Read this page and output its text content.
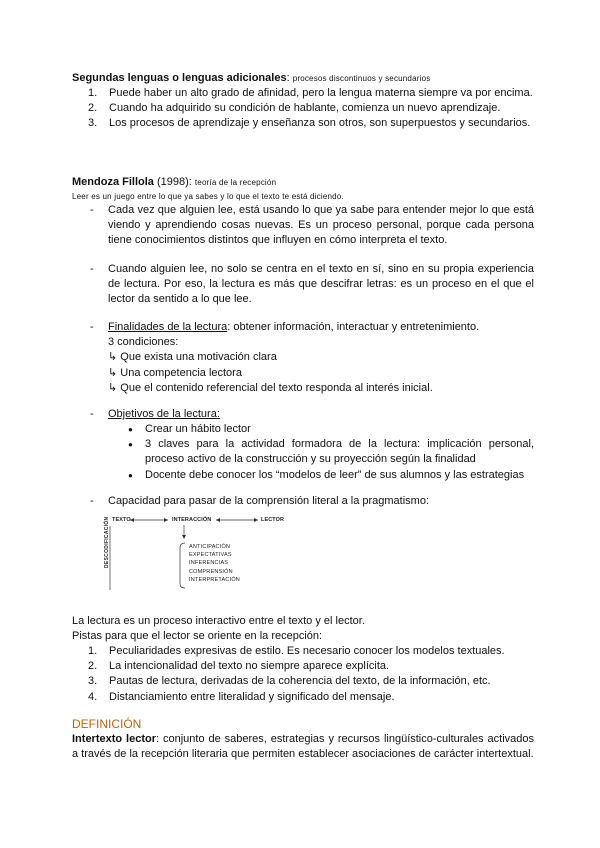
Segundas lenguas o lenguas adicionales: procesos discontinuos y secundarios
1. Puede haber un alto grado de afinidad, pero la lengua materna siempre va por encima.
2. Cuando ha adquirido su condición de hablante, comienza un nuevo aprendizaje.
3. Los procesos de aprendizaje y enseñanza son otros, son superpuestos y secundarios.
Mendoza Fillola (1998): teoría de la recepción
Leer es un juego entre lo que ya sabes y lo que el texto te está diciendo.
- Cada vez que alguien lee, está usando lo que ya sabe para entender mejor lo que está viendo y aprendiendo cosas nuevas. Es un proceso personal, porque cada persona tiene conocimientos distintos que influyen en cómo interpreta el texto.
- Cuando alguien lee, no solo se centra en el texto en sí, sino en su propia experiencia de lectura. Por eso, la lectura es más que descifrar letras: es un proceso en el que el lector da sentido a lo que lee.
- Finalidades de la lectura: obtener información, interactuar y entretenimiento.
3 condiciones:
↳ Que exista una motivación clara
↳ Una competencia lectora
↳ Que el contenido referencial del texto responda al interés inicial.
- Objetivos de la lectura:
● Crear un hábito lector
● 3 claves para la actividad formadora de la lectura: implicación personal, proceso activo de la construcción y su proyección según la finalidad
● Docente debe conocer los “modelos de leer” de sus alumnos y las estrategias
- Capacidad para pasar de la comprensión literal a la pragmatismo:
TEXTO	INTERACCIÓN	LECTOR
DESCODIFICACIÓN	ANTICIPACIÓN
EXPECTATIVAS
INFERENCIAS
COMPRENSIÓN
INTERPRETACIÓN
La lectura es un proceso interactivo entre el texto y el lector.
Pistas para que el lector se oriente en la recepción:
1. Peculiaridades expresivas de estilo. Es necesario conocer los modelos textuales.
2. La intencionalidad del texto no siempre aparece explícita.
3. Pautas de lectura, derivadas de la coherencia del texto, de la información, etc.
4. Distanciamiento entre literalidad y significado del mensaje.
DEFINICIÓN
Intertexto lector: conjunto de saberes, estrategias y recursos lingüístico-culturales activados a través de la recepción literaria que permiten establecer asociaciones de carácter intertextual.
